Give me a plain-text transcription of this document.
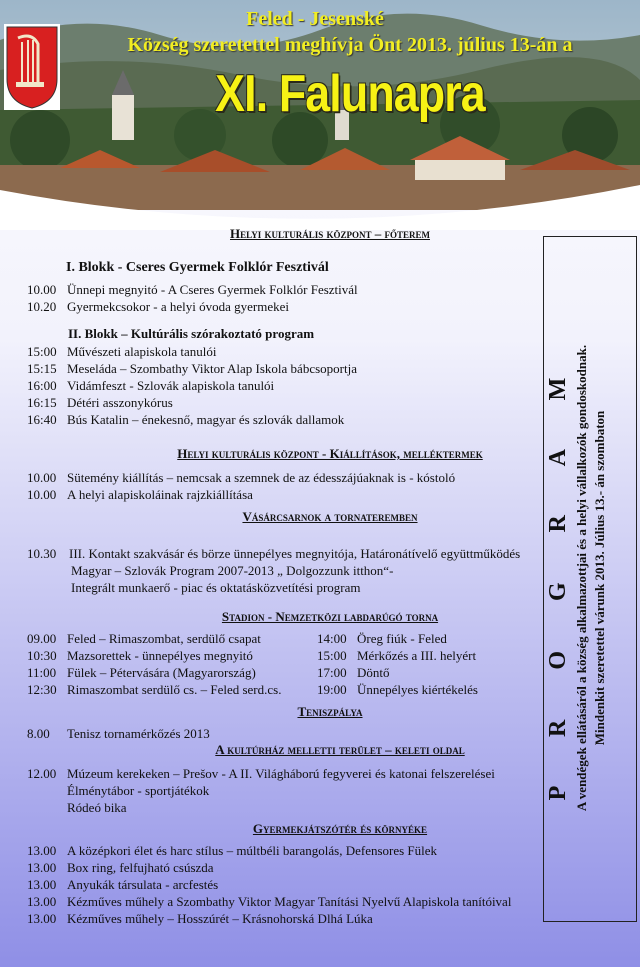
Feled - Jesenské
Község szeretettel meghívja Önt 2013. július 13-án a
XI. Falunapra
Helyi kulturális központ – főterem
I. Blokk - Cseres Gyermek Folklór Fesztivál
10.00 Ünnepi megnyitó - A Cseres Gyermek Folklór Fesztivál
10.20 Gyermekcsokor - a helyi óvoda gyermekei
II. Blokk – Kultúrális szórakoztató program
15:00 Művészeti alapiskola tanulói
15:15 Meseláda – Szombathy Viktor Alap Iskola bábcsoportja
16:00 Vidámfeszt - Szlovák alapiskola tanulói
16:15 Détéri asszonykórus
16:40 Bús Katalin – énekesnő, magyar és szlovák dallamok
Helyi kulturális központ - Kiállítások, melléktermek
10.00 Sütemény kiállítás – nemcsak a szemnek de az édesszájúaknak is - kóstoló
10.00 A helyi alapiskoláinak rajzkiállítása
Vásárcsarnok a tornateremben
10.30 III. Kontakt szakvásár és börze ünnepélyes megnyitója, Határonátívelő együttműködés
Magyar – Szlovák Program 2007-2013 „ Dolgozzunk itthon“-
Integrált munkaerő - piac és oktatásközvetítési program
Stadion - Nemzetközi labdarúgó torna
09.00 Feled – Rimaszombat, serdülő csapat	14:00 Öreg fiúk - Feled
10:30 Mazsorettek - ünnepélyes megnyitó	15:00 Mérkőzés a III. helyért
11:00 Fülek – Pétervására (Magyarország)	17:00 Döntő
12:30 Rimaszombat serdülő cs. – Feled serd.cs.	19:00 Ünnepélyes kiértékelés
Teniszpálya
8.00 Tenisz tornamérkőzés 2013
A kultúrház melletti terület – keleti oldal
12.00 Múzeum kerekeken – Prešov - A II. Világháború fegyverei és katonai felszerelései
Élménytábor - sportjátékok
Ródeó bika
Gyermekjátszótér és környéke
13.00 A középkori élet és harc stílus – múltbéli barangolás, Defensores Fülek
13.00 Box ring, felfujható csúszda
13.00 Anyukák társulata - arcfestés
13.00 Kézműves műhely a Szombathy Viktor Magyar Tanítási Nyelvű Alapiskola tanítóival
13.00 Kézműves műhely – Hosszúrét – Krásnohorská Dlhá Lúka
P R O G R A M A vendégek ellátásáról a község alkalmazottjai és a helyi vállalkozók gondoskodnak. Mindenkit szeretettel várunk 2013. Július 13.- án szombaton
